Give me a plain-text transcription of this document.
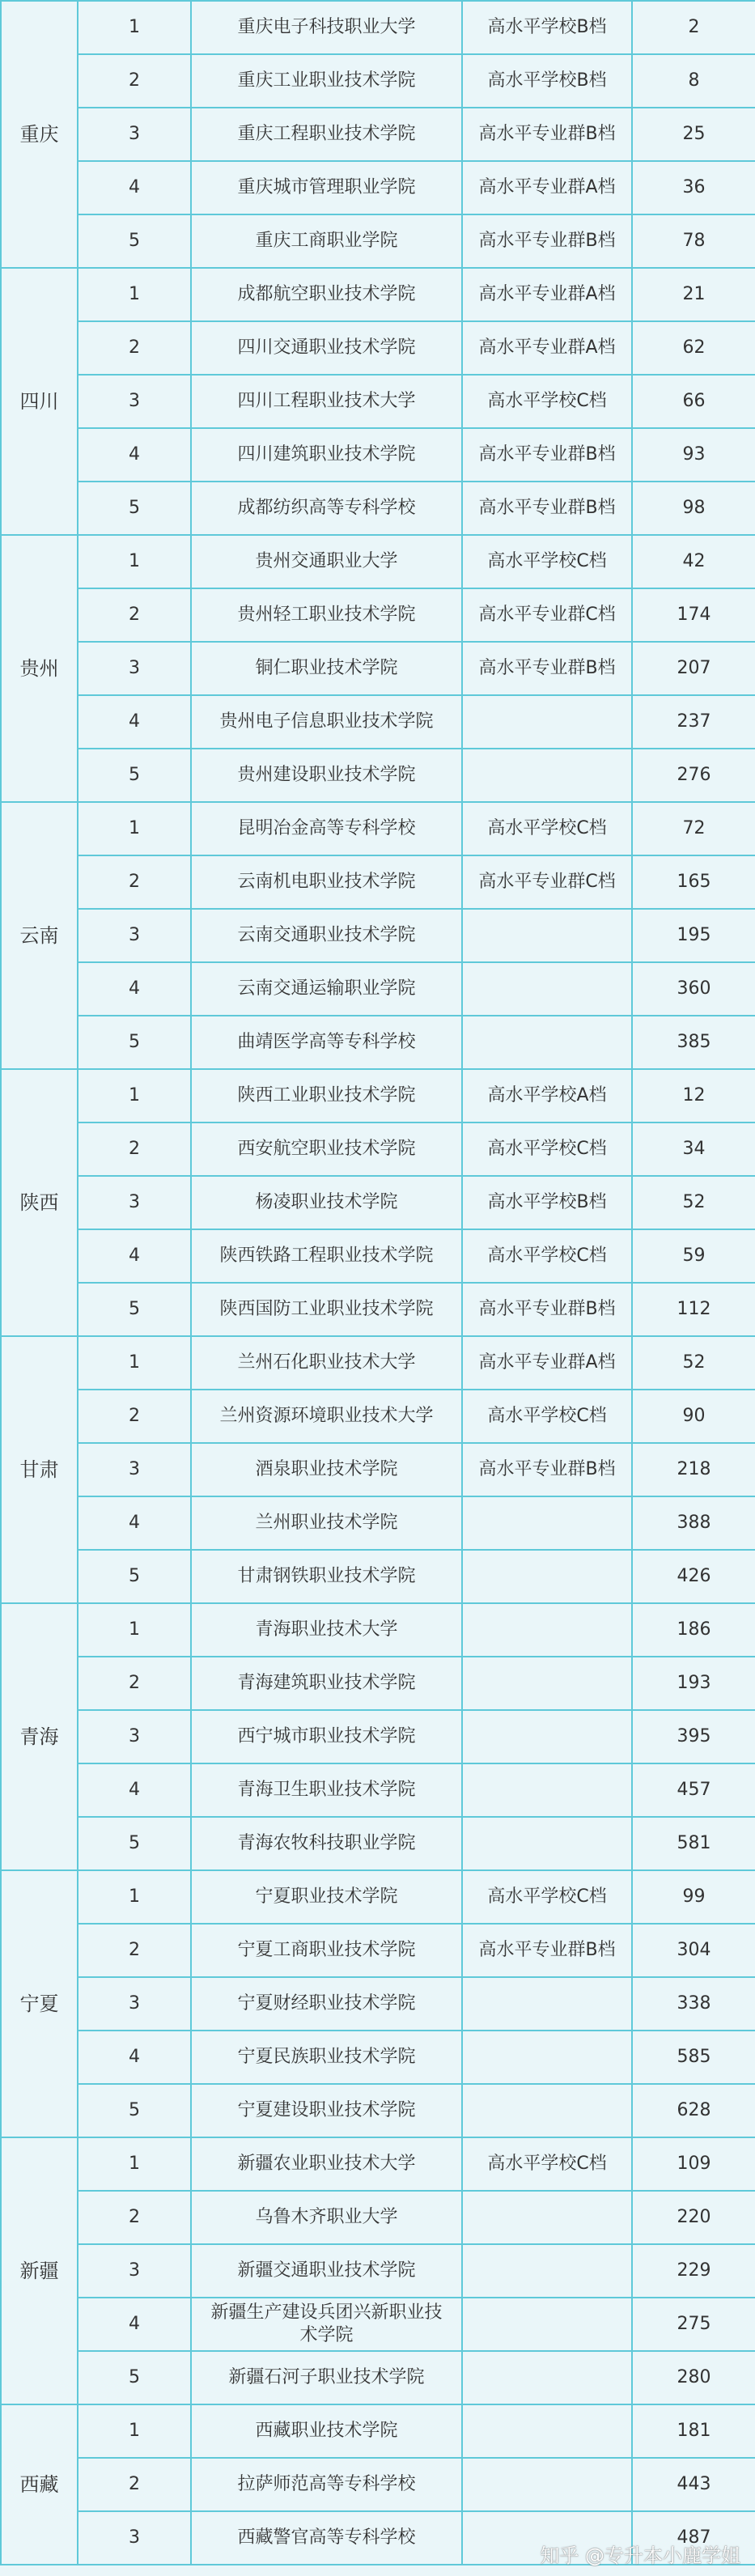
重庆	1	重庆电子科技职业大学	高水平学校B档	2
	2	重庆工业职业技术学院	高水平学校B档	8
	3	重庆工程职业技术学院	高水平专业群B档	25
	4	重庆城市管理职业学院	高水平专业群A档	36
	5	重庆工商职业学院	高水平专业群B档	78
四川	1	成都航空职业技术学院	高水平专业群A档	21
	2	四川交通职业技术学院	高水平专业群A档	62
	3	四川工程职业技术大学	高水平学校C档	66
	4	四川建筑职业技术学院	高水平专业群B档	93
	5	成都纺织高等专科学校	高水平专业群B档	98
贵州	1	贵州交通职业大学	高水平学校C档	42
	2	贵州轻工职业技术学院	高水平专业群C档	174
	3	铜仁职业技术学院	高水平专业群B档	207
	4	贵州电子信息职业技术学院		237
	5	贵州建设职业技术学院		276
云南	1	昆明冶金高等专科学校	高水平学校C档	72
	2	云南机电职业技术学院	高水平专业群C档	165
	3	云南交通职业技术学院		195
	4	云南交通运输职业学院		360
	5	曲靖医学高等专科学校		385
陕西	1	陕西工业职业技术学院	高水平学校A档	12
	2	西安航空职业技术学院	高水平学校C档	34
	3	杨凌职业技术学院	高水平学校B档	52
	4	陕西铁路工程职业技术学院	高水平学校C档	59
	5	陕西国防工业职业技术学院	高水平专业群B档	112
甘肃	1	兰州石化职业技术大学	高水平专业群A档	52
	2	兰州资源环境职业技术大学	高水平学校C档	90
	3	酒泉职业技术学院	高水平专业群B档	218
	4	兰州职业技术学院		388
	5	甘肃钢铁职业技术学院		426
青海	1	青海职业技术大学		186
	2	青海建筑职业技术学院		193
	3	西宁城市职业技术学院		395
	4	青海卫生职业技术学院		457
	5	青海农牧科技职业学院		581
宁夏	1	宁夏职业技术学院	高水平学校C档	99
	2	宁夏工商职业技术学院	高水平专业群B档	304
	3	宁夏财经职业技术学院		338
	4	宁夏民族职业技术学院		585
	5	宁夏建设职业技术学院		628
新疆	1	新疆农业职业技术大学	高水平学校C档	109
	2	乌鲁木齐职业大学		220
	3	新疆交通职业技术学院		229
	4	新疆生产建设兵团兴新职业技术学院		275
	5	新疆石河子职业技术学院		280
西藏	1	西藏职业技术学院		181
	2	拉萨师范高等专科学校		443
	3	西藏警官高等专科学校		487
知乎 @专升本小鹿学姐
